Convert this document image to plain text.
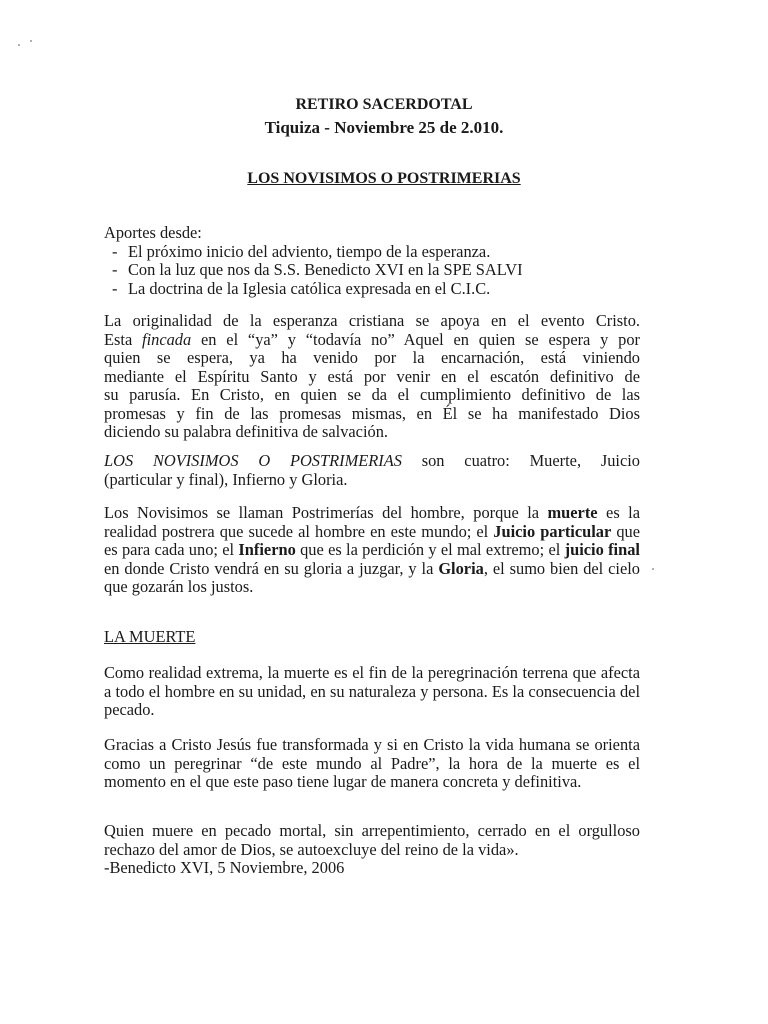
RETIRO SACERDOTAL
Tiquiza - Noviembre 25 de 2.010.
LOS NOVISIMOS O POSTRIMERIAS

Aportes desde:

- El próximo inicio del adviento, tiempo de la esperanza.
- Con la luz que nos da S.S. Benedicto XVI en la SPE SALVI
- La doctrina de la Iglesia católica expresada en el C.I.C.
La originalidad de la esperanza cristiana se apoya en el evento Cristo.
Esta fincada en el “ya” y “todavía no” Aquel en quien se espera y por
quien se espera, ya ha venido por la encarnación, está viniendo
mediante el Espíritu Santo y está por venir en el escatón definitivo de
su parusía. En Cristo, en quien se da el cumplimiento definitivo de las
promesas y fin de las promesas mismas, en Él se ha manifestado Dios
diciendo su palabra definitiva de salvación.
LOS NOVISIMOS O POSTRIMERIAS son cuatro: Muerte, Juicio
(particular y final), Infierno y Gloria.

Los Novisimos se llaman Postrimerías del hombre, porque la muerte es la realidad postrera que sucede al hombre en este mundo; el Juicio particular que es para cada uno; el Infierno que es la perdición y el mal extremo; el juicio final en donde Cristo vendrá en su gloria a juzgar, y la Gloria, el sumo bien del cielo que gozarán los justos.

LA MUERTE
Como realidad extrema, la muerte es el fin de la peregrinación terrena que afecta a todo el hombre en su unidad, en su naturaleza y persona. Es la consecuencia del pecado.
Gracias a Cristo Jesús fue transformada y si en Cristo la vida humana se orienta como un peregrinar “de este mundo al Padre”, la hora de la muerte es el momento en el que este paso tiene lugar de manera concreta y definitiva.

Quien muere en pecado mortal, sin arrepentimiento, cerrado en el orgulloso rechazo del amor de Dios, se autoexcluye del reino de la vida».

-Benedicto XVI, 5 Noviembre, 2006
